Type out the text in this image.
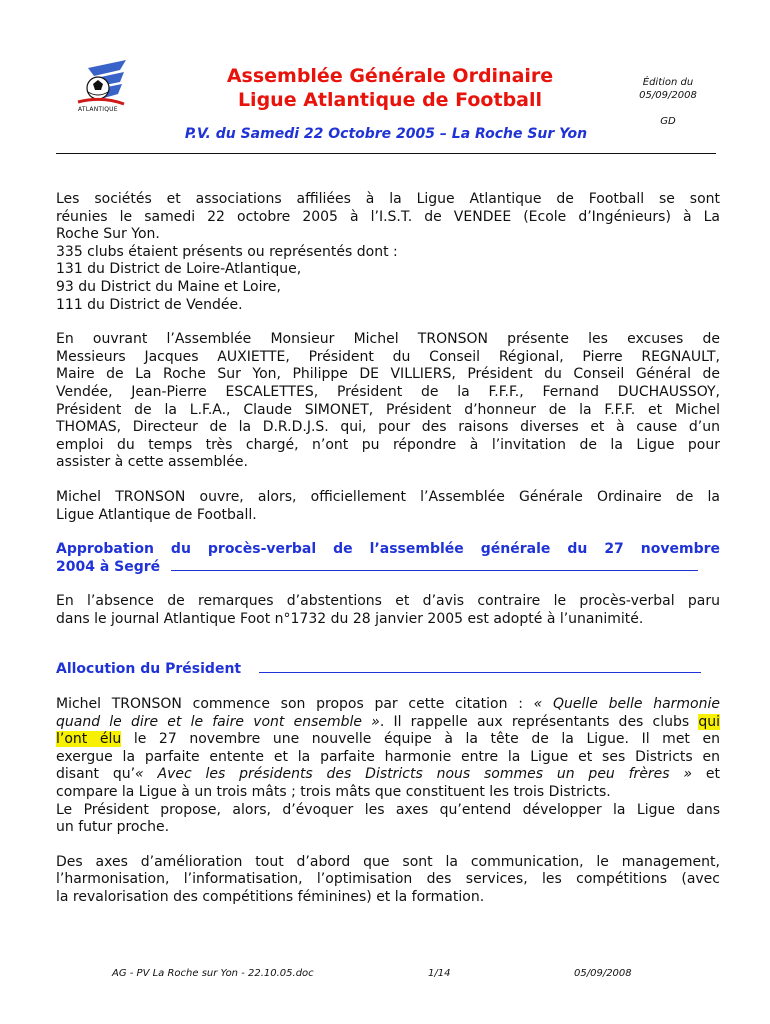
ATLANTIQUE
Assemblée Générale Ordinaire
Ligue Atlantique de Football
Édition du
05/09/2008
GD
P.V. du Samedi 22 Octobre 2005 – La Roche Sur Yon
Les sociétés et associations affiliées à la Ligue Atlantique de Football se sont
réunies le samedi 22 octobre 2005 à l’I.S.T. de VENDEE (Ecole d’Ingénieurs) à La
Roche Sur Yon.
335 clubs étaient présents ou représentés dont :
131 du District de Loire-Atlantique,
93 du District du Maine et Loire,
111 du District de Vendée.
En ouvrant l’Assemblée Monsieur Michel TRONSON présente les excuses de
Messieurs Jacques AUXIETTE, Président du Conseil Régional, Pierre REGNAULT,
Maire de La Roche Sur Yon, Philippe DE VILLIERS, Président du Conseil Général de
Vendée, Jean-Pierre ESCALETTES, Président de la F.F.F., Fernand DUCHAUSSOY,
Président de la L.F.A., Claude SIMONET, Président d’honneur de la F.F.F. et Michel
THOMAS, Directeur de la D.R.D.J.S. qui, pour des raisons diverses et à cause d’un
emploi du temps très chargé, n’ont pu répondre à l’invitation de la Ligue pour
assister à cette assemblée.
Michel TRONSON ouvre, alors, officiellement l’Assemblée Générale Ordinaire de la
Ligue Atlantique de Football.
Approbation du procès-verbal de l’assemblée générale du 27 novembre
2004 à Segré
En l’absence de remarques d’abstentions et d’avis contraire le procès-verbal paru
dans le journal Atlantique Foot n°1732 du 28 janvier 2005 est adopté à l’unanimité.
Allocution du Président
Michel TRONSON commence son propos par cette citation : « Quelle belle harmonie
quand le dire et le faire vont ensemble ». Il rappelle aux représentants des clubs qui
l’ont élu le 27 novembre une nouvelle équipe à la tête de la Ligue. Il met en
exergue la parfaite entente et la parfaite harmonie entre la Ligue et ses Districts en
disant qu’« Avec les présidents des Districts nous sommes un peu frères » et
compare la Ligue à un trois mâts ; trois mâts que constituent les trois Districts.
Le Président propose, alors, d’évoquer les axes qu’entend développer la Ligue dans
un futur proche.
Des axes d’amélioration tout d’abord que sont la communication, le management,
l’harmonisation, l’informatisation, l’optimisation des services, les compétitions (avec
la revalorisation des compétitions féminines) et la formation.
AG - PV La Roche sur Yon - 22.10.05.doc	1/14	05/09/2008
